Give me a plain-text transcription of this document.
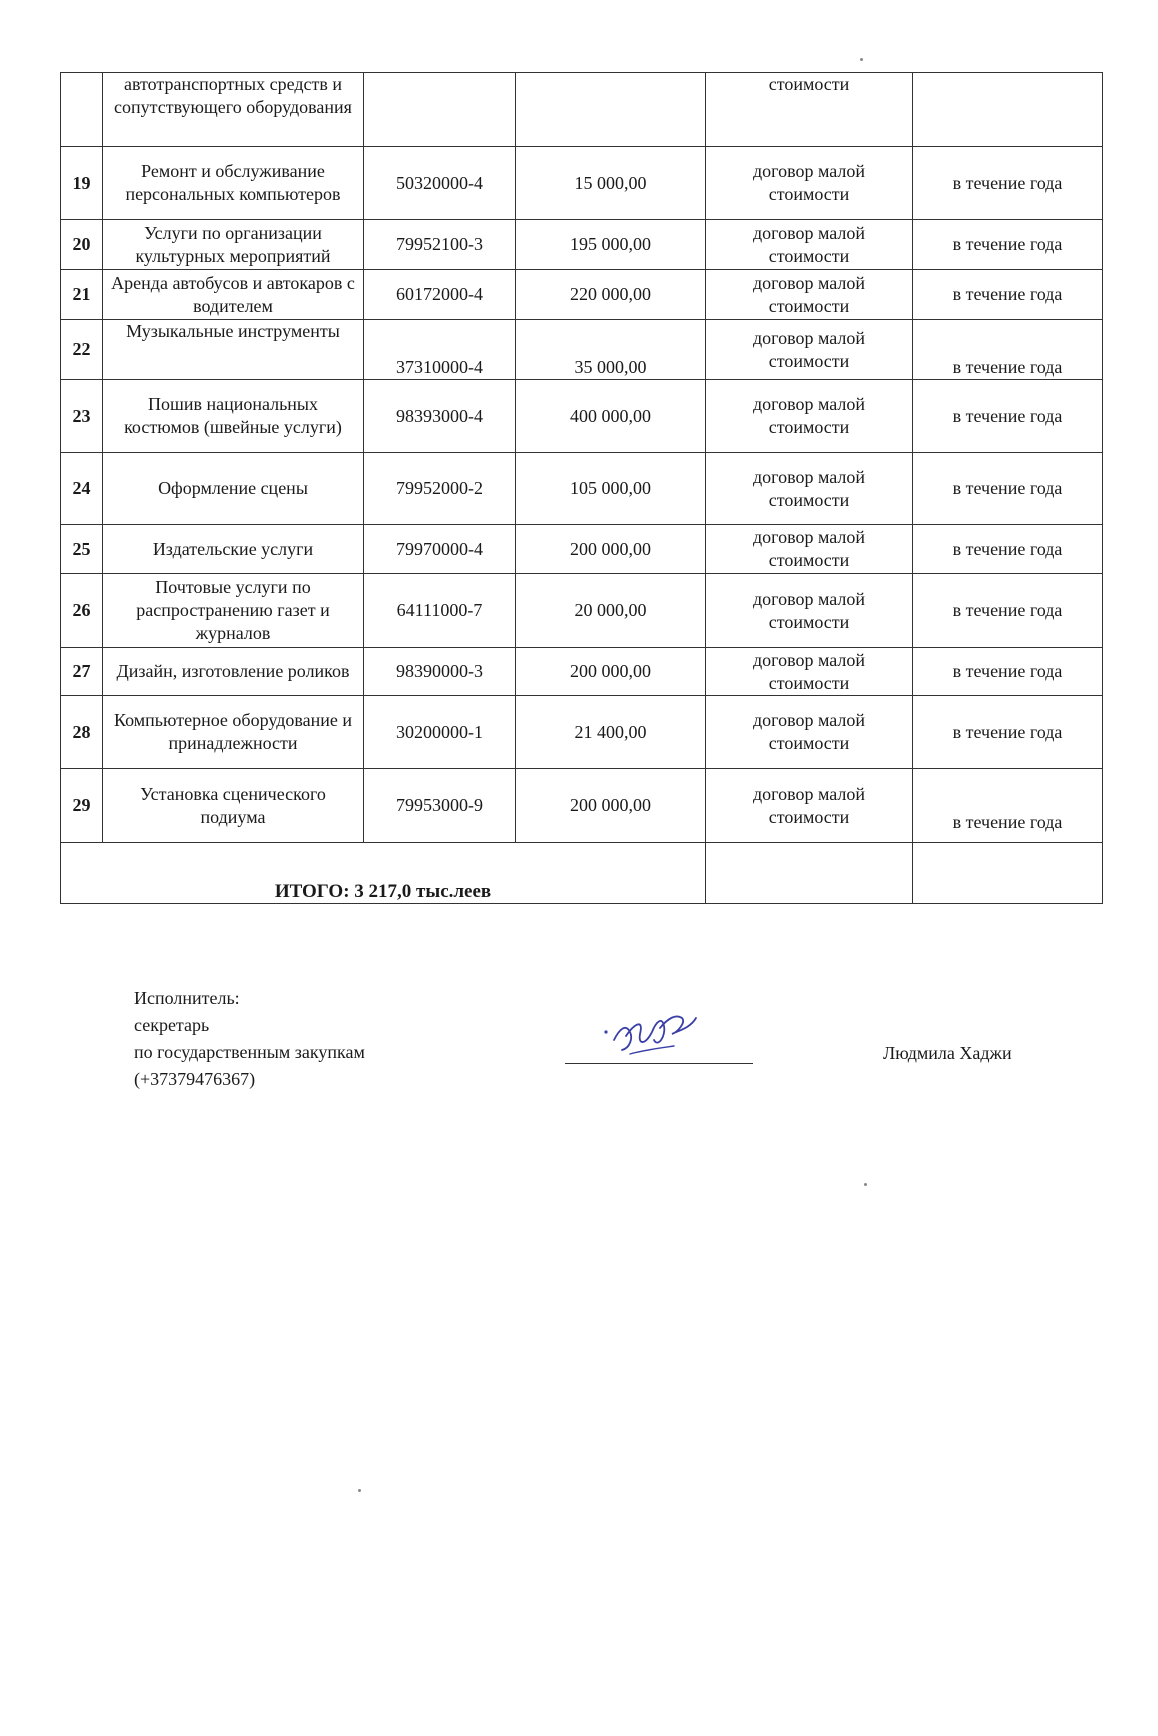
	автотранспортных средств и сопутствующего оборудования			стоимости	
19	Ремонт и обслуживание персональных компьютеров	50320000-4	15 000,00	договор малой стоимости	в течение года
20	Услуги по организации культурных мероприятий	79952100-3	195 000,00	договор малой стоимости	в течение года
21	Аренда автобусов и автокаров с водителем	60172000-4	220 000,00	договор малой стоимости	в течение года
22	Музыкальные инструменты	37310000-4	35 000,00	договор малой стоимости	в течение года
23	Пошив национальных костюмов (швейные услуги)	98393000-4	400 000,00	договор малой стоимости	в течение года
24	Оформление сцены	79952000-2	105 000,00	договор малой стоимости	в течение года
25	Издательские услуги	79970000-4	200 000,00	договор малой стоимости	в течение года
26	Почтовые услуги по распространению газет и журналов	64111000-7	20 000,00	договор малой стоимости	в течение года
27	Дизайн, изготовление роликов	98390000-3	200 000,00	договор малой стоимости	в течение года
28	Компьютерное оборудование и принадлежности	30200000-1	21 400,00	договор малой стоимости	в течение года
29	Установка сценического подиума	79953000-9	200 000,00	договор малой стоимости	в течение года
ИТОГО: 3 217,0 тыс.леев					
Исполнитель:
секретарь
по государственным закупкам
(+37379476367)
Людмила Хаджи
